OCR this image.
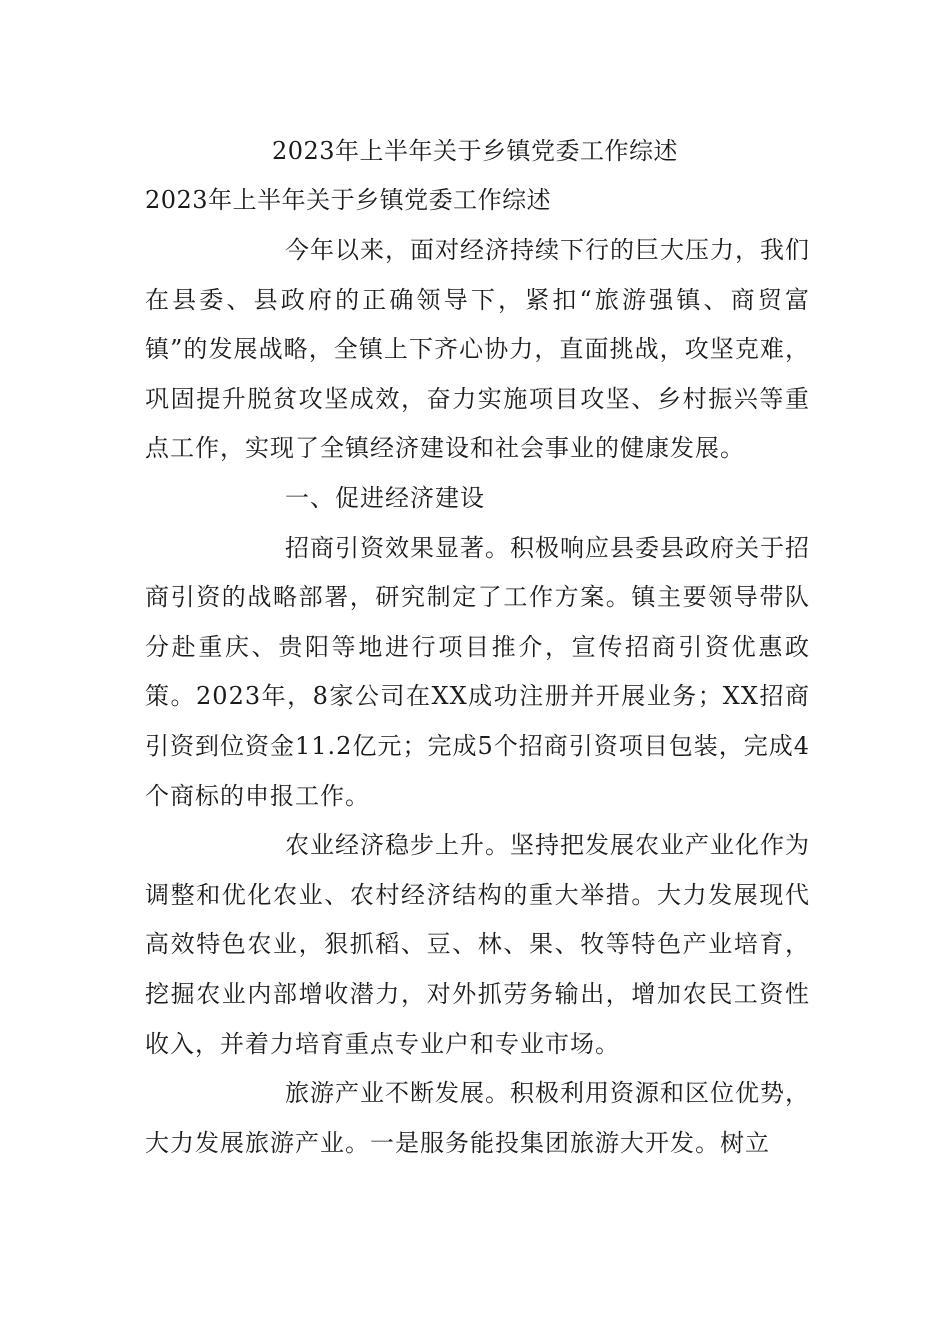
2023年上半年关于乡镇党委工作综述
2023年上半年关于乡镇党委工作综述

今年以来，面对经济持续下行的巨大压力，我们在县委、县政府的正确领导下，紧扣“旅游强镇、商贸富镇”的发展战略，全镇上下齐心协力，直面挑战，攻坚克难，巩固提升脱贫攻坚成效，奋力实施项目攻坚、乡村振兴等重点工作，实现了全镇经济建设和社会事业的健康发展。

一、促进经济建设

招商引资效果显著。积极响应县委县政府关于招商引资的战略部署，研究制定了工作方案。镇主要领导带队分赴重庆、贵阳等地进行项目推介，宣传招商引资优惠政策。2023年，8家公司在XX成功注册并开展业务；XX招商引资到位资金11.2亿元；完成5个招商引资项目包装，完成4个商标的申报工作。

农业经济稳步上升。坚持把发展农业产业化作为调整和优化农业、农村经济结构的重大举措。大力发展现代高效特色农业，狠抓稻、豆、林、果、牧等特色产业培育，挖掘农业内部增收潜力，对外抓劳务输出，增加农民工资性收入，并着力培育重点专业户和专业市场。

旅游产业不断发展。积极利用资源和区位优势，大力发展旅游产业。一是服务能投集团旅游大开发。树立
